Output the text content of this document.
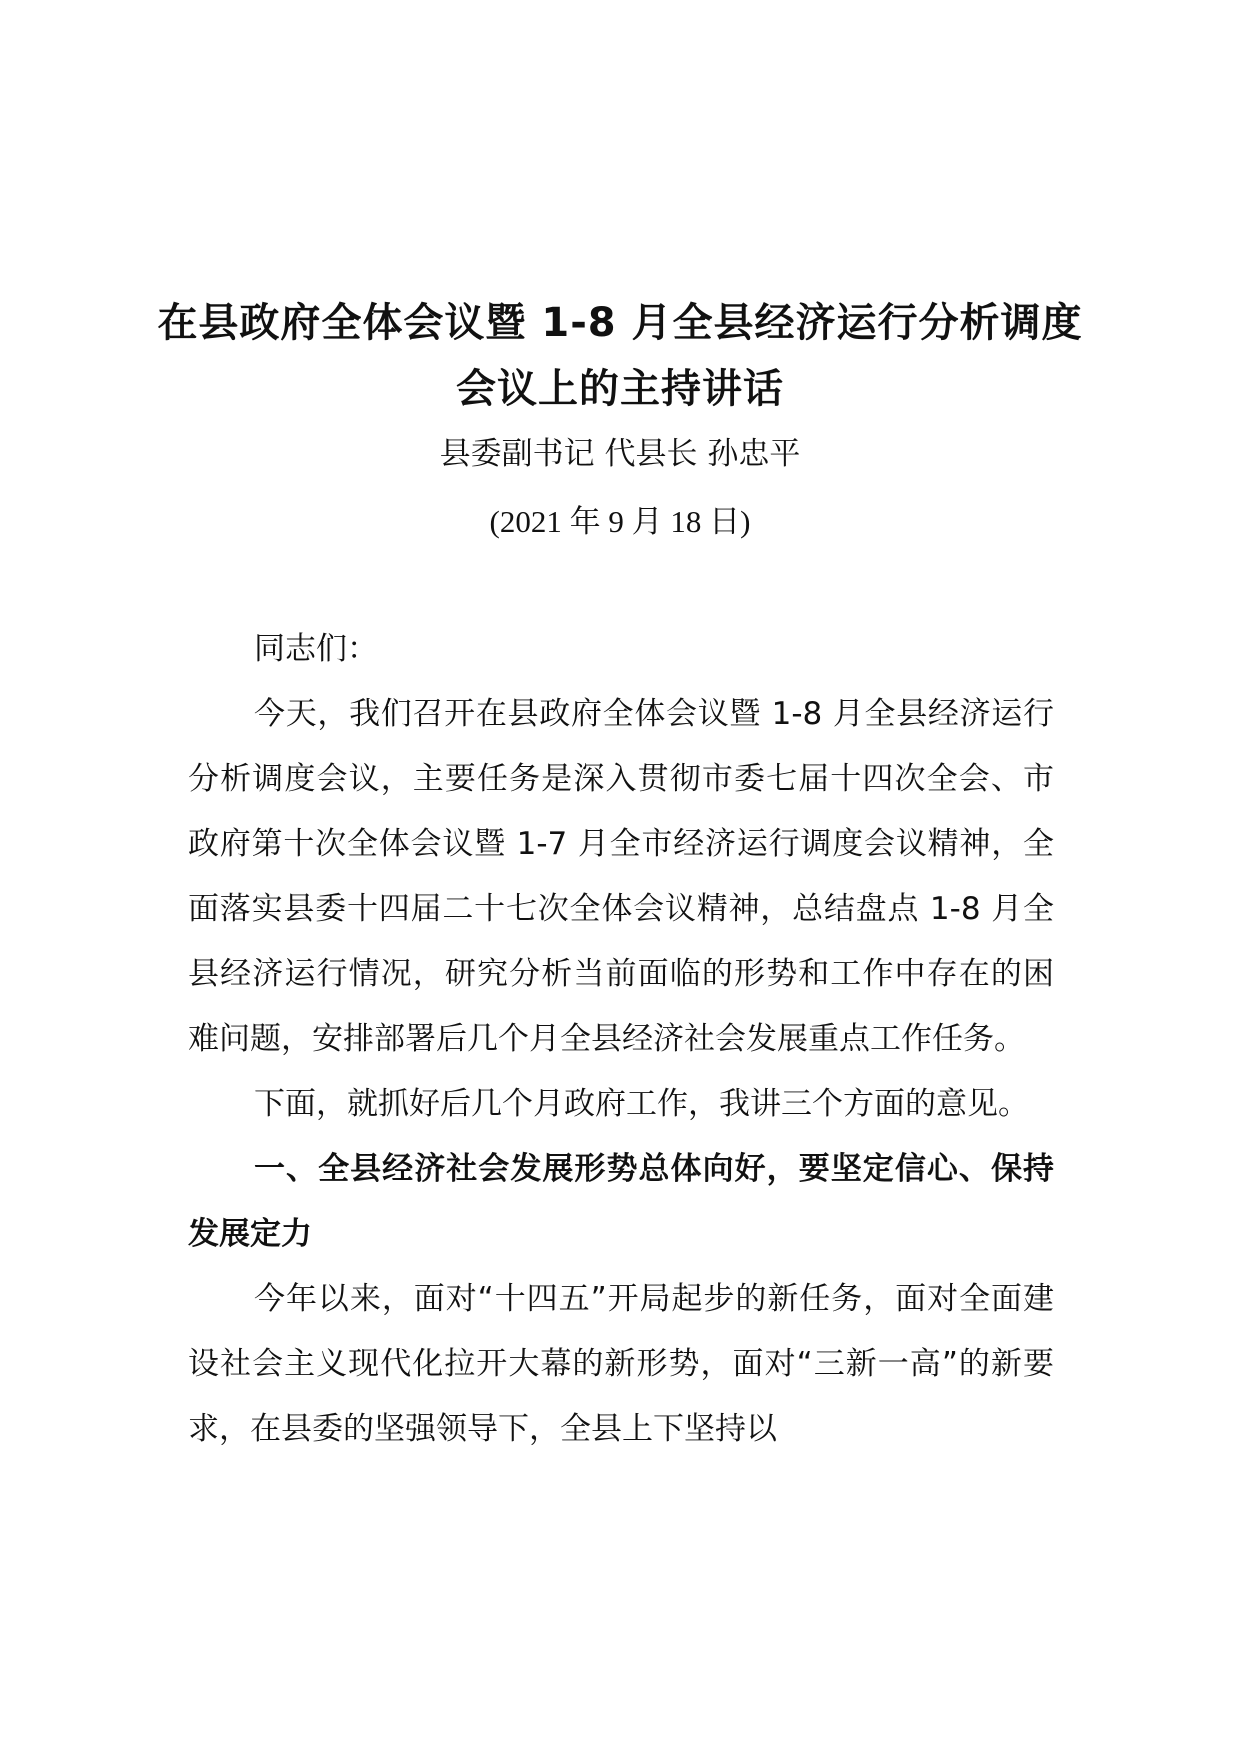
在县政府全体会议暨 1-8 月全县经济运行分析调度会议上的主持讲话
县委副书记 代县长 孙忠平
(2021 年 9 月 18 日)

同志们：

今天，我们召开在县政府全体会议暨 1-8 月全县经济运行分析调度会议，主要任务是深入贯彻市委七届十四次全会、市政府第十次全体会议暨 1-7 月全市经济运行调度会议精神，全面落实县委十四届二十七次全体会议精神，总结盘点 1-8 月全县经济运行情况，研究分析当前面临的形势和工作中存在的困难问题，安排部署后几个月全县经济社会发展重点工作任务。

下面，就抓好后几个月政府工作，我讲三个方面的意见。

一、全县经济社会发展形势总体向好，要坚定信心、保持发展定力

今年以来，面对“十四五”开局起步的新任务，面对全面建设社会主义现代化拉开大幕的新形势，面对“三新一高”的新要求，在县委的坚强领导下，全县上下坚持以
